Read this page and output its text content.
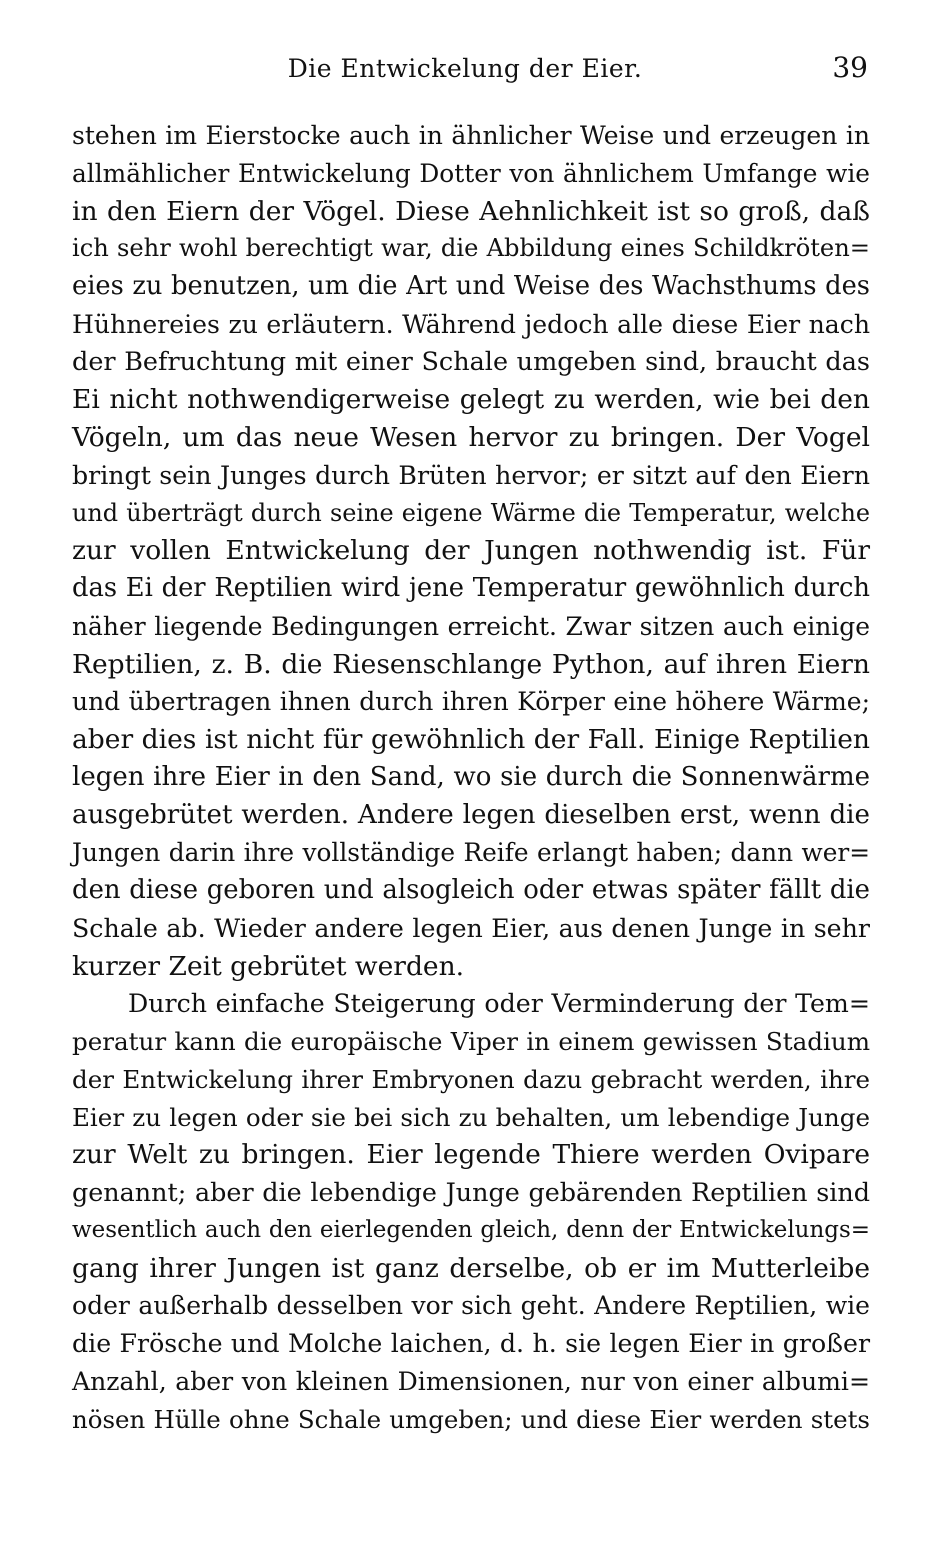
Die Entwickelung der Eier.	39
stehen im Eierstocke auch in ähnlicher Weise und erzeugen in
allmählicher Entwickelung Dotter von ähnlichem Umfange wie
in den Eiern der Vögel. Diese Aehnlichkeit ist so groß, daß
ich sehr wohl berechtigt war, die Abbildung eines Schildkröten=
eies zu benutzen, um die Art und Weise des Wachsthums des
Hühnereies zu erläutern. Während jedoch alle diese Eier nach
der Befruchtung mit einer Schale umgeben sind, braucht das
Ei nicht nothwendigerweise gelegt zu werden, wie bei den
Vögeln, um das neue Wesen hervor zu bringen. Der Vogel
bringt sein Junges durch Brüten hervor; er sitzt auf den Eiern
und überträgt durch seine eigene Wärme die Temperatur, welche
zur vollen Entwickelung der Jungen nothwendig ist. Für
das Ei der Reptilien wird jene Temperatur gewöhnlich durch
näher liegende Bedingungen erreicht. Zwar sitzen auch einige
Reptilien, z. B. die Riesenschlange Python, auf ihren Eiern
und übertragen ihnen durch ihren Körper eine höhere Wärme;
aber dies ist nicht für gewöhnlich der Fall. Einige Reptilien
legen ihre Eier in den Sand, wo sie durch die Sonnenwärme
ausgebrütet werden. Andere legen dieselben erst, wenn die
Jungen darin ihre vollständige Reife erlangt haben; dann wer=
den diese geboren und alsogleich oder etwas später fällt die
Schale ab. Wieder andere legen Eier, aus denen Junge in sehr
kurzer Zeit gebrütet werden.
Durch einfache Steigerung oder Verminderung der Tem=
peratur kann die europäische Viper in einem gewissen Stadium
der Entwickelung ihrer Embryonen dazu gebracht werden, ihre
Eier zu legen oder sie bei sich zu behalten, um lebendige Junge
zur Welt zu bringen. Eier legende Thiere werden Ovipare
genannt; aber die lebendige Junge gebärenden Reptilien sind
wesentlich auch den eierlegenden gleich, denn der Entwickelungs=
gang ihrer Jungen ist ganz derselbe, ob er im Mutterleibe
oder außerhalb desselben vor sich geht. Andere Reptilien, wie
die Frösche und Molche laichen, d. h. sie legen Eier in großer
Anzahl, aber von kleinen Dimensionen, nur von einer albumi=
nösen Hülle ohne Schale umgeben; und diese Eier werden stets
